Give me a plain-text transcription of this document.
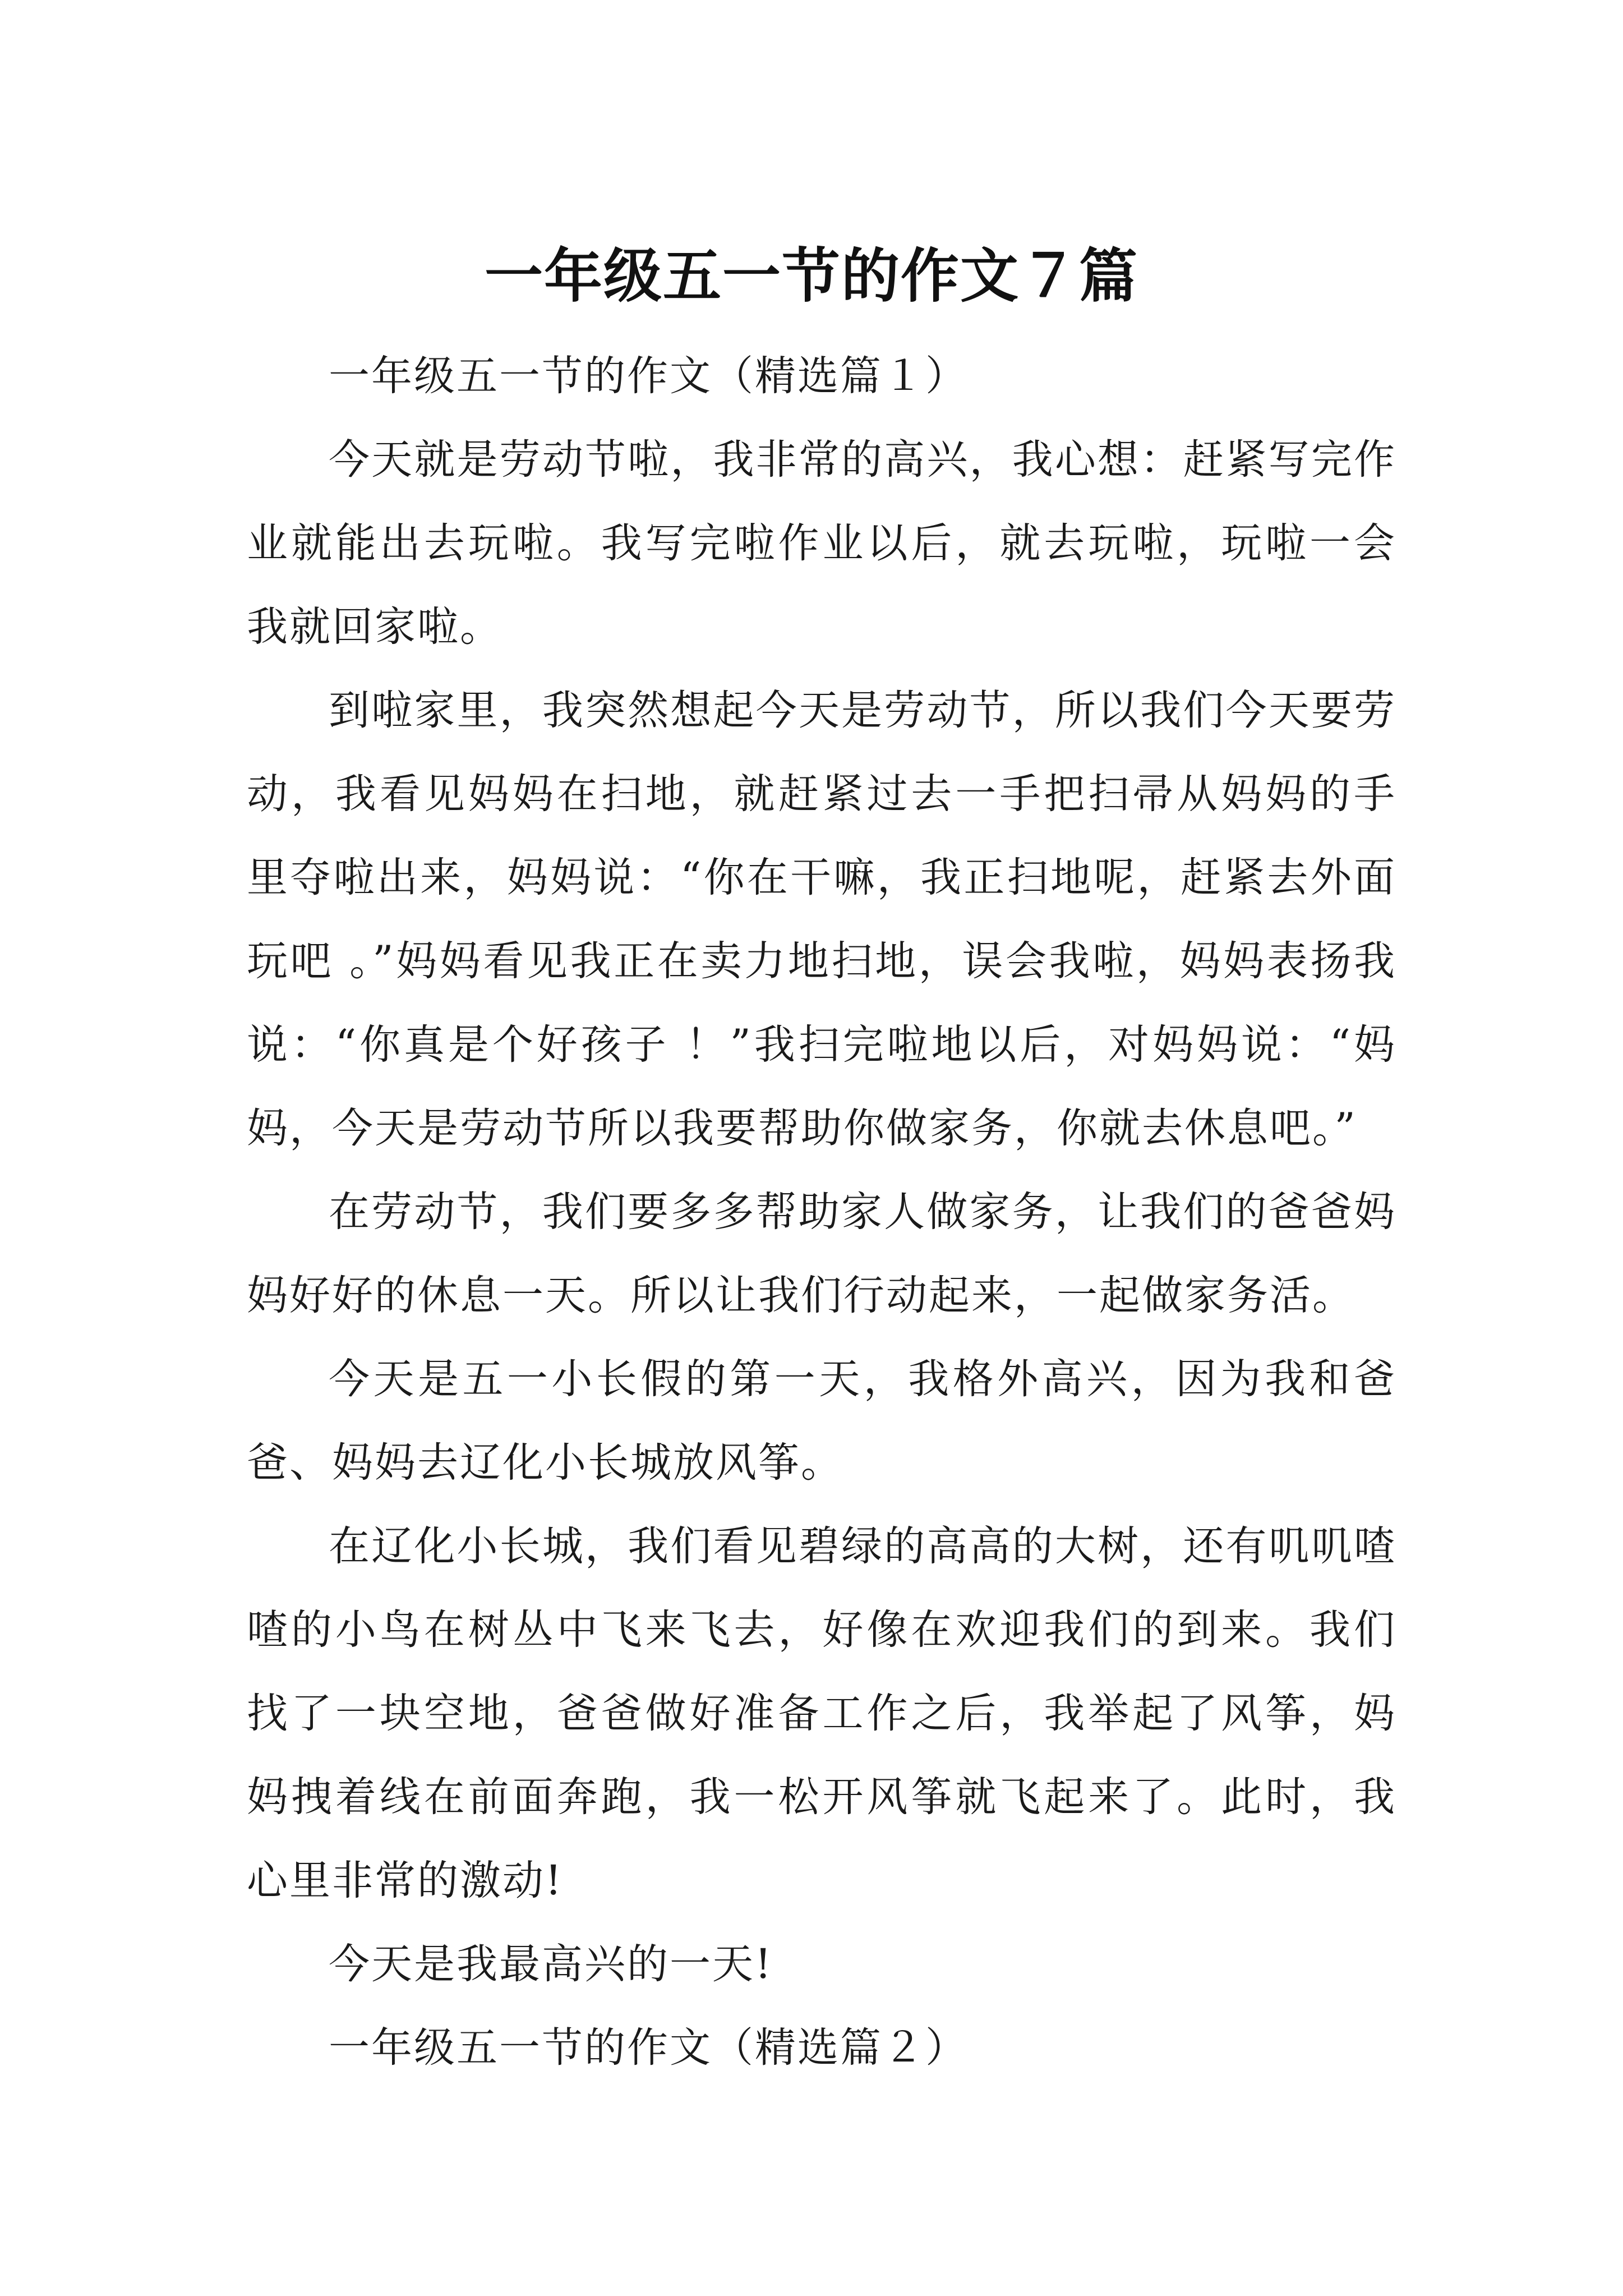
一年级五一节的作文７篇

一年级五一节的作文（精选篇１）

今天就是劳动节啦，我非常的高兴，我心想：赶紧写完作业就能出去玩啦。我写完啦作业以后，就去玩啦，玩啦一会我就回家啦。

到啦家里，我突然想起今天是劳动节，所以我们今天要劳动，我看见妈妈在扫地，就赶紧过去一手把扫帚从妈妈的手里夺啦出来，妈妈说：“你在干嘛，我正扫地呢，赶紧去外面玩吧 。”妈妈看见我正在卖力地扫地，误会我啦，妈妈表扬我说：“你真是个好孩子 ！”我扫完啦地以后，对妈妈说：“妈妈，今天是劳动节所以我要帮助你做家务，你就去休息吧。”

在劳动节，我们要多多帮助家人做家务，让我们的爸爸妈妈好好的休息一天。所以让我们行动起来，一起做家务活。

今天是五一小长假的第一天，我格外高兴，因为我和爸爸、妈妈去辽化小长城放风筝。

在辽化小长城，我们看见碧绿的高高的大树，还有叽叽喳喳的小鸟在树丛中飞来飞去，好像在欢迎我们的到来。我们找了一块空地，爸爸做好准备工作之后，我举起了风筝，妈妈拽着线在前面奔跑，我一松开风筝就飞起来了。此时，我心里非常的激动!

今天是我最高兴的一天!

一年级五一节的作文（精选篇２）
